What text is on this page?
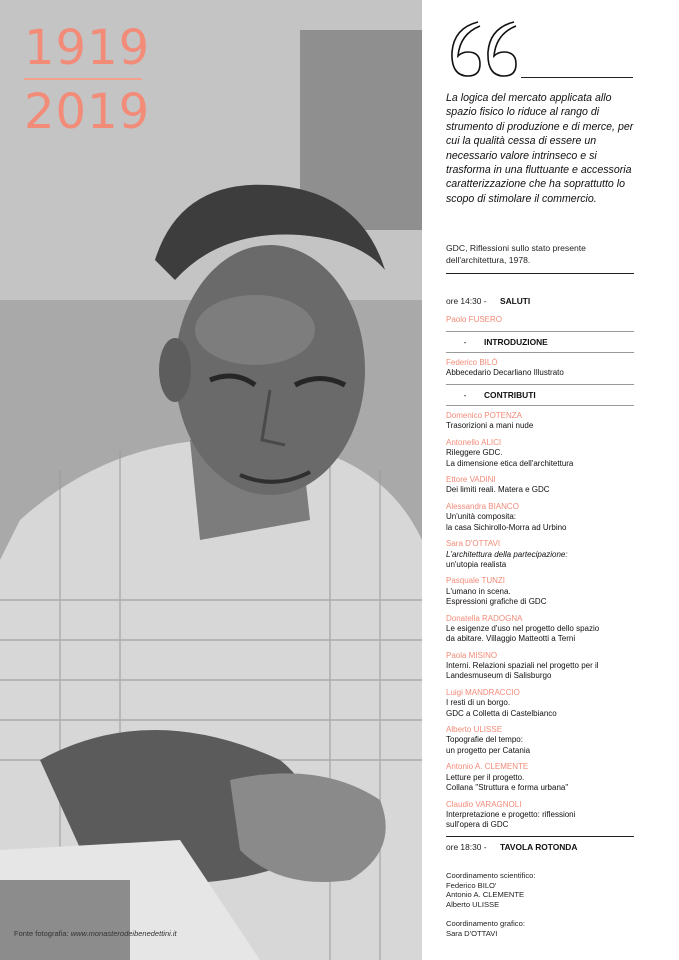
1919
2019
Fonte fotografia: www.monasterodeibenedettini.it
La logica del mercato applicata allo spazio fisico lo riduce al rango di strumento di produzione e di merce, per cui la qualità cessa di essere un necessario valore intrinseco e si trasforma in una fluttuante e accessoria caratterizzazione che ha soprattutto lo scopo di stimolare il commercio.
GDC, Riflessioni sullo stato presente dell'architettura, 1978.
ore 14:30 -	SALUTI
Paolo FUSERO
-	INTRODUZIONE
Federico BILÒ
Abbecedario Decarliano Illustrato
-	CONTRIBUTI
Domenico POTENZA
Trasorizioni a mani nude
Antonello ALICI
Rileggere GDC.
La dimensione etica dell'architettura
Ettore VADINI
Dei limiti reali. Matera e GDC
Alessandra BIANCO
Un'unità composita:
la casa Sichirollo-Morra ad Urbino
Sara D'OTTAVI
L'architettura della partecipazione:
un'utopia realista
Pasquale TUNZI
L'umano in scena.
Espressioni grafiche di GDC
Donatella RADOGNA
Le esigenze d'uso nel progetto dello spazio
da abitare. Villaggio Matteotti a Terni
Paola MISINO
Interni. Relazioni spaziali nel progetto per il
Landesmuseum di Salisburgo
Luigi MANDRACCIO
I resti di un borgo.
GDC a Colletta di Castelbianco
Alberto ULISSE
Topografie del tempo:
un progetto per Catania
Antonio A. CLEMENTE
Letture per il progetto.
Collana "Struttura e forma urbana"
Claudio VARAGNOLI
Interpretazione e progetto: riflessioni
sull'opera di GDC
ore 18:30 -	TAVOLA ROTONDA
Coordinamento scientifico:
Federico BILO'
Antonio A. CLEMENTE
Alberto ULISSE
Coordinamento grafico:
Sara D'OTTAVI
